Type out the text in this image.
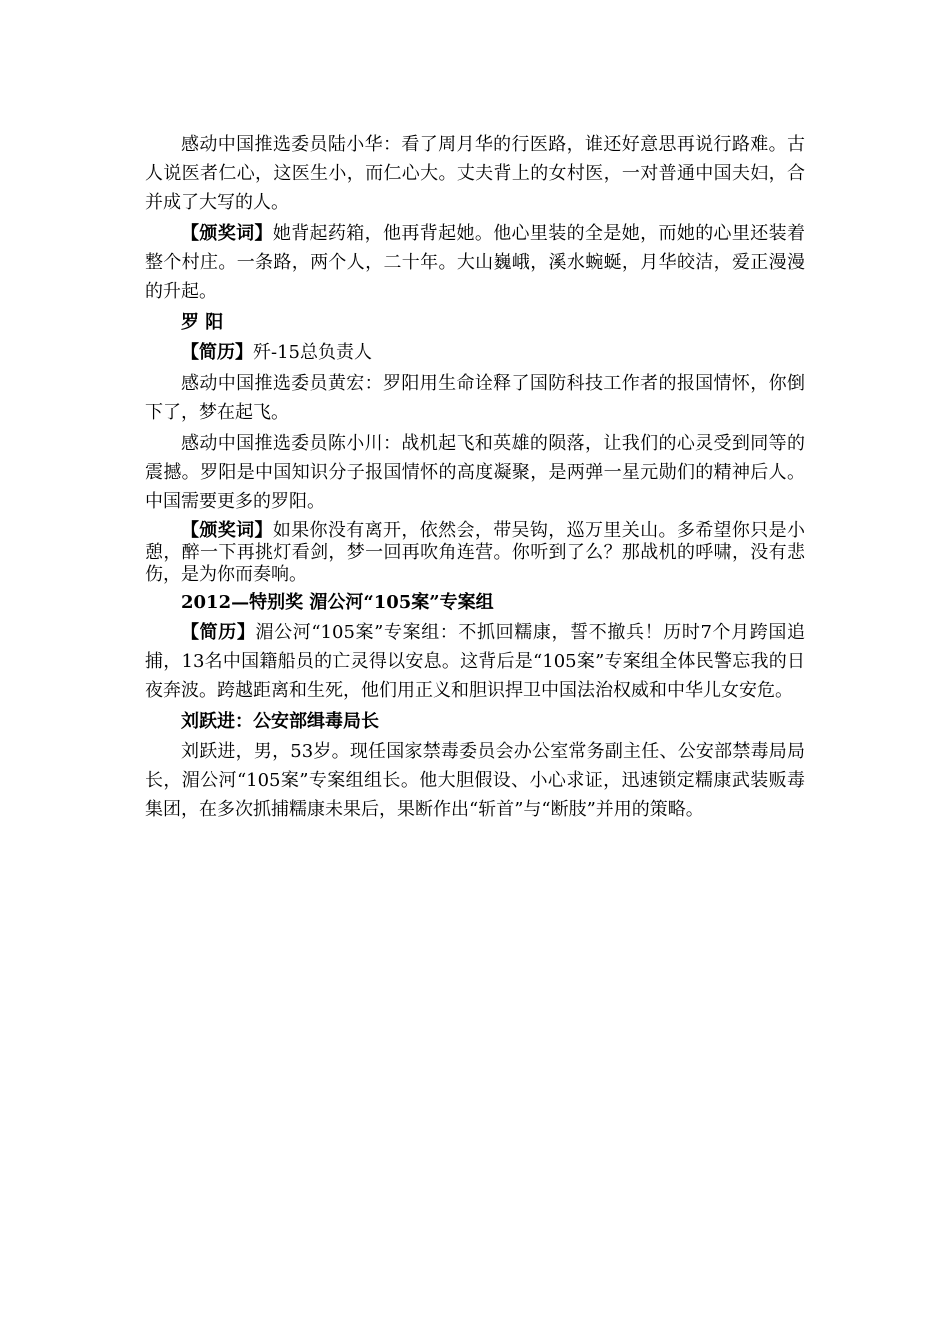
感动中国推选委员陆小华：看了周月华的行医路，谁还好意思再说行路难。古人说医者仁心，这医生小，而仁心大。丈夫背上的女村医，一对普通中国夫妇，合并成了大写的人。

【颁奖词】她背起药箱，他再背起她。他心里装的全是她，而她的心里还装着整个村庄。一条路，两个人，二十年。大山巍峨，溪水蜿蜒，月华皎洁，爱正漫漫的升起。

罗 阳

【简历】歼-15总负责人

感动中国推选委员黄宏：罗阳用生命诠释了国防科技工作者的报国情怀，你倒下了，梦在起飞。

感动中国推选委员陈小川：战机起飞和英雄的陨落，让我们的心灵受到同等的震撼。罗阳是中国知识分子报国情怀的高度凝聚，是两弹一星元勋们的精神后人。中国需要更多的罗阳。

【颁奖词】如果你没有离开，依然会，带吴钩，巡万里关山。多希望你只是小憩，醉一下再挑灯看剑，梦一回再吹角连营。你听到了么？那战机的呼啸，没有悲伤，是为你而奏响。

2012—特别奖 湄公河“105案”专案组

【简历】湄公河“105案”专案组：不抓回糯康，誓不撤兵！历时7个月跨国追捕，13名中国籍船员的亡灵得以安息。这背后是“105案”专案组全体民警忘我的日夜奔波。跨越距离和生死，他们用正义和胆识捍卫中国法治权威和中华儿女安危。

刘跃进：公安部缉毒局长

刘跃进，男，53岁。现任国家禁毒委员会办公室常务副主任、公安部禁毒局局长，湄公河“105案”专案组组长。他大胆假设、小心求证，迅速锁定糯康武装贩毒集团，在多次抓捕糯康未果后，果断作出“斩首”与“断肢”并用的策略。
